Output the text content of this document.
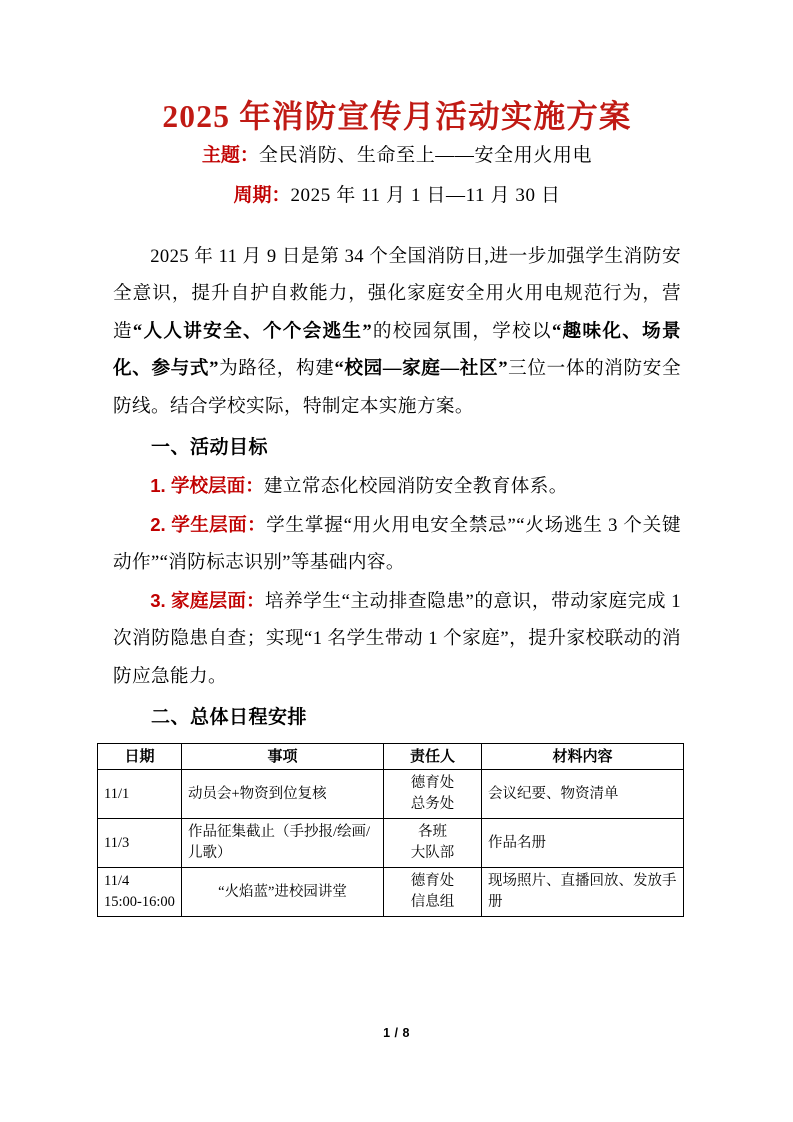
2025 年消防宣传月活动实施方案
主题：全民消防、生命至上——安全用火用电
周期：2025 年 11 月 1 日—11 月 30 日

2025 年 11 月 9 日是第 34 个全国消防日,进一步加强学生消防安全意识，提升自护自救能力，强化家庭安全用火用电规范行为，营造“人人讲安全、个个会逃生”的校园氛围，学校以“趣味化、场景化、参与式”为路径，构建“校园—家庭—社区”三位一体的消防安全防线。结合学校实际，特制定本实施方案。

一、活动目标

1. 学校层面：建立常态化校园消防安全教育体系。

2. 学生层面：学生掌握“用火用电安全禁忌”“火场逃生 3 个关键动作”“消防标志识别”等基础内容。

3. 家庭层面：培养学生“主动排查隐患”的意识，带动家庭完成 1 次消防隐患自查；实现“1 名学生带动 1 个家庭”，提升家校联动的消防应急能力。

二、总体日程安排
日期	事项	责任人	材料内容

11/1	动员会+物资到位复核	德育处
总务处	会议纪要、物资清单

11/3	作品征集截止（手抄报/绘画/儿歌）	各班
大队部	作品名册

11/4
15:00-16:00	“火焰蓝”进校园讲堂	德育处
信息组	现场照片、直播回放、发放手册
1 / 8
